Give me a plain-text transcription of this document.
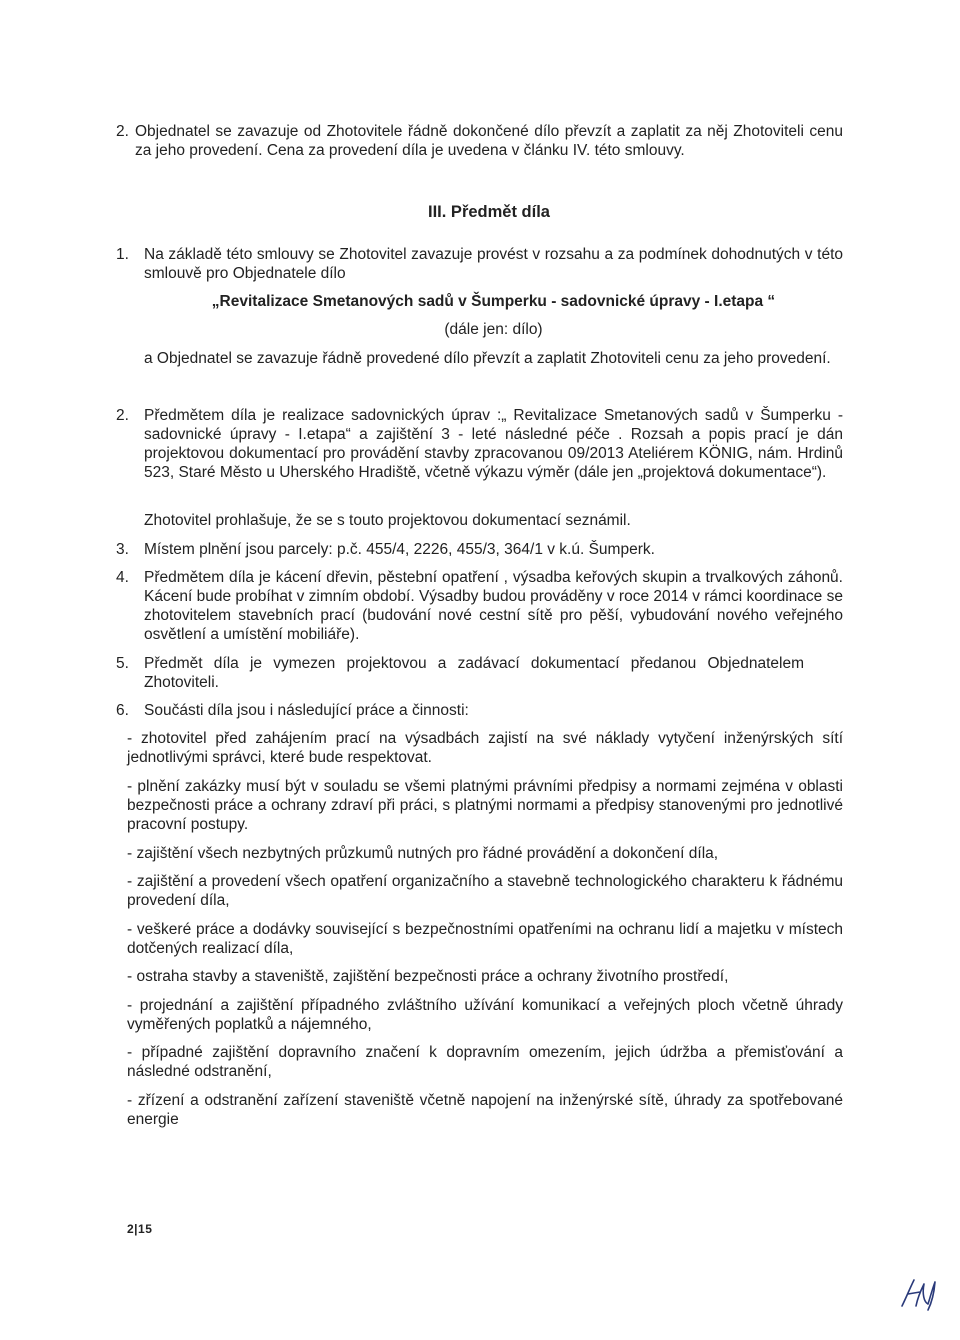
2. Objednatel se zavazuje od Zhotovitele řádně dokončené dílo převzít a zaplatit za něj Zhotoviteli cenu za jeho provedení. Cena za provedení díla je uvedena v článku IV. této smlouvy.
III. Předmět díla
1. Na základě této smlouvy se Zhotovitel zavazuje provést v rozsahu a za podmínek dohodnutých v této smlouvě pro Objednatele dílo
„Revitalizace Smetanových sadů v Šumperku - sadovnické úpravy - I.etapa “
(dále jen: dílo)
a Objednatel se zavazuje řádně provedené dílo převzít a zaplatit Zhotoviteli cenu za jeho provedení.
2. Předmětem díla je realizace sadovnických úprav :„ Revitalizace Smetanových sadů v Šumperku - sadovnické úpravy - I.etapa“ a zajištění 3 - leté následné péče . Rozsah a popis prací je dán projektovou dokumentací pro provádění stavby zpracovanou 09/2013 Ateliérem KÖNIG, nám. Hrdinů 523, Staré Město u Uherského Hradiště, včetně výkazu výměr (dále jen „projektová dokumentace“).
Zhotovitel prohlašuje, že se s touto projektovou dokumentací seznámil.
3. Místem plnění jsou parcely: p.č. 455/4, 2226, 455/3, 364/1 v k.ú. Šumperk.
4. Předmětem díla je kácení dřevin, pěstební opatření , výsadba keřových skupin a trvalkových záhonů. Kácení bude probíhat v zimním období. Výsadby budou prováděny v roce 2014 v rámci koordinace se zhotovitelem stavebních prací (budování nové cestní sítě pro pěší, vybudování nového veřejného osvětlení a umístění mobiliáře).
5. Předmět díla je vymezen projektovou a zadávací dokumentací předanou Objednatelem Zhotoviteli.
6. Součásti díla jsou i následující práce a činnosti:
- zhotovitel před zahájením prací na výsadbách zajistí na své náklady vytyčení inženýrských sítí jednotlivými správci, které bude respektovat.
- plnění zakázky musí být v souladu se všemi platnými právními předpisy a normami zejména v oblasti bezpečnosti práce a ochrany zdraví při práci, s platnými normami a předpisy stanovenými pro jednotlivé pracovní postupy.
- zajištění všech nezbytných průzkumů nutných pro řádné provádění a dokončení díla,
- zajištění a provedení všech opatření organizačního a stavebně technologického charakteru k řádnému provedení díla,
- veškeré práce a dodávky související s bezpečnostními opatřeními na ochranu lidí a majetku v místech dotčených realizací díla,
- ostraha stavby a staveniště, zajištění bezpečnosti práce a ochrany životního prostředí,
- projednání a zajištění případného zvláštního užívání komunikací a veřejných ploch včetně úhrady vyměřených poplatků a nájemného,
- případné zajištění dopravního značení k dopravním omezením, jejich údržba a přemisťování a následné odstranění,
- zřízení a odstranění zařízení staveniště včetně napojení na inženýrské sítě, úhrady za spotřebované energie
2|15
